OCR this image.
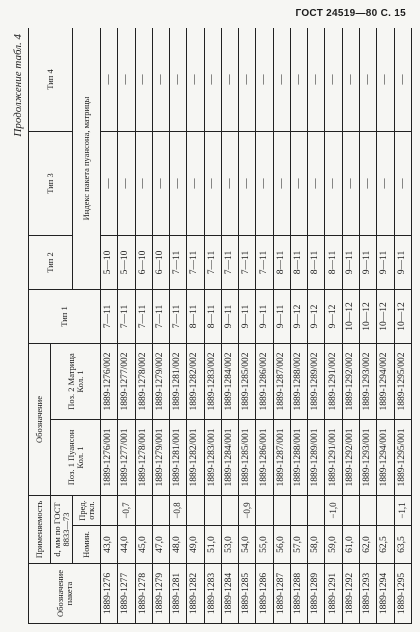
ГОСТ 24519—80 С. 15
Продолжение табл. 4
Обозначение пакета	Применяемость		Обозначение		Тип 1	Тип 2	Тип 3	Тип 4
	d, мм по ГОСТ 8833—73		Поз. 1 Пуансон Кол. 1	Поз. 2 Матрица Кол. 1				
	Номин.	Пред. откл.				Индекс пакета пуансона, матрицы		
1889-1276	43,0		1889-1276/001	1889-1276/002	7—11	5—10	—	—
1889-1277	44,0	−0,7	1889-1277/001	1889-1277/002	7—11	5—10	—	—
1889-1278	45,0		1889-1278/001	1889-1278/002	7—11	6—10	—	—
1889-1279	47,0		1889-1279/001	1889-1279/002	7—11	6—10	—	—
1889-1281	48,0	−0,8	1889-1281/001	1889-1281/002	7—11	7—11	—	—
1889-1282	49,0		1889-1282/001	1889-1282/002	8—11	7—11	—	—
1889-1283	51,0		1889-1283/001	1889-1283/002	8—11	7—11	—	—
1889-1284	53,0		1889-1284/001	1889-1284/002	9—11	7—11	—	—
1889-1285	54,0	−0,9	1889-1285/001	1889-1285/002	9—11	7—11	—	—
1889-1286	55,0		1889-1286/001	1889-1286/002	9—11	7—11	—	—
1889-1287	56,0		1889-1287/001	1889-1287/002	9—11	8—11	—	—
1889-1288	57,0		1889-1288/001	1889-1288/002	9—12	8—11	—	—
1889-1289	58,0		1889-1289/001	1889-1289/002	9—12	8—11	—	—
1889-1291	59,0	−1,0	1889-1291/001	1889-1291/002	9—12	8—11	—	—
1889-1292	61,0		1889-1292/001	1889-1292/002	10—12	9—11	—	—
1889-1293	62,0		1889-1293/001	1889-1293/002	10—12	9—11	—	—
1889-1294	62,5		1889-1294/001	1889-1294/002	10—12	9—11	—	—
1889-1295	63,5	−1,1	1889-1295/001	1889-1295/002	10—12	9—11	—	—
